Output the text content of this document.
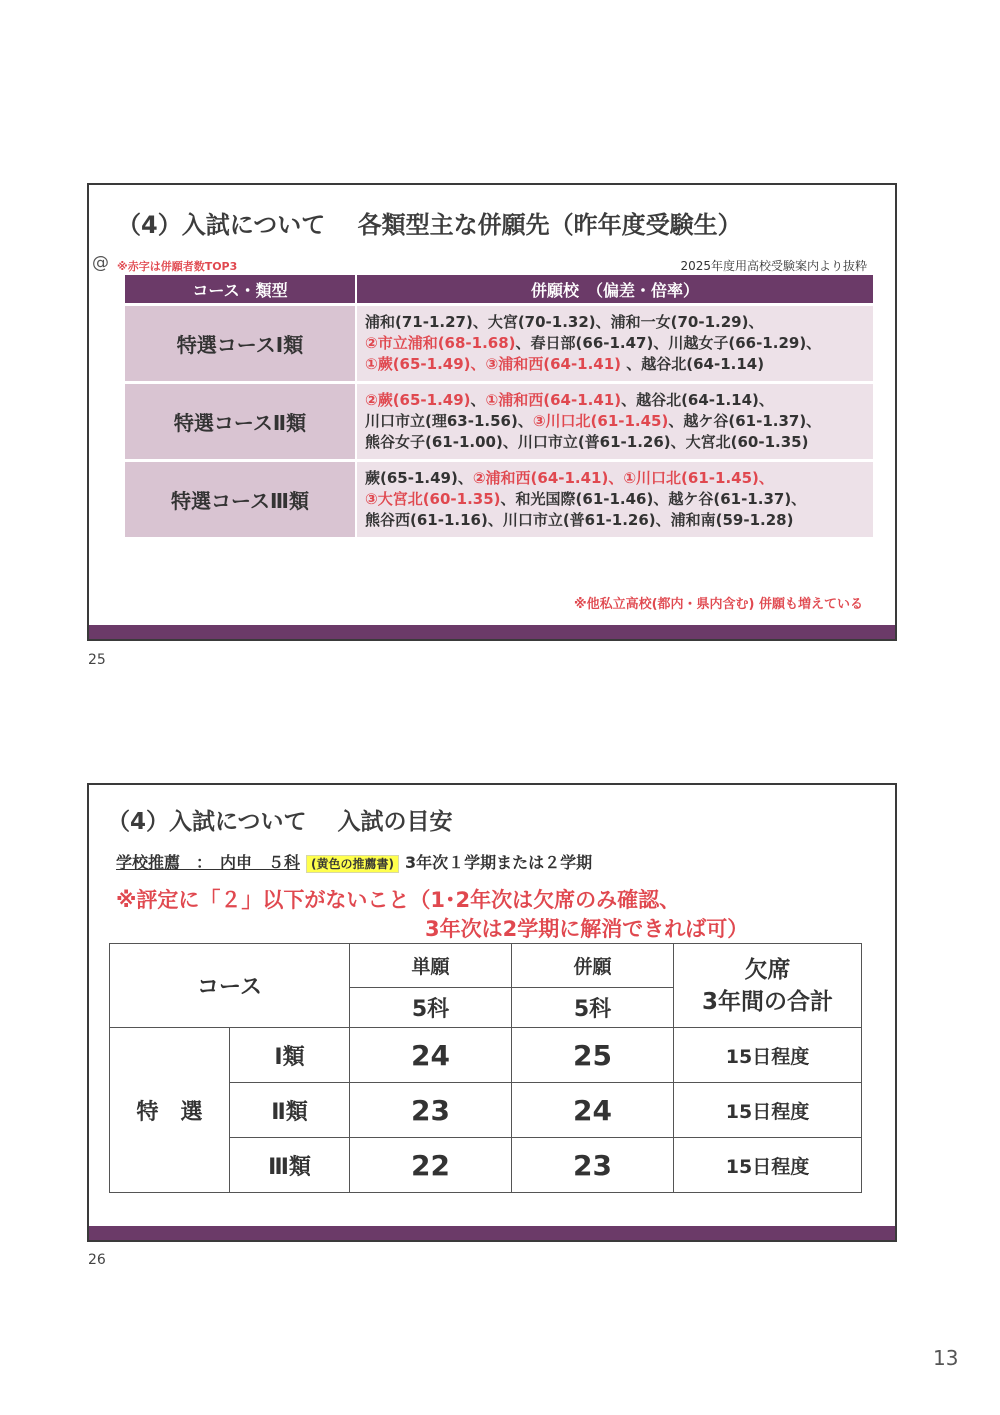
（4）入試について　 各類型主な併願先（昨年度受験生）
@ ※赤字は併願者数TOP3	2025年度用高校受験案内より抜粋
コース・類型	併願校　（偏差・倍率）

特選コースⅠ類	浦和(71-1.27)、大宮(70-1.32)、浦和一女(70-1.29)、
②市立浦和(68-1.68)、春日部(66-1.47)、川越女子(66-1.29)、
①蕨(65-1.49)、③浦和西(64-1.41) 、越谷北(64-1.14)

特選コースⅡ類	②蕨(65-1.49)、①浦和西(64-1.41)、越谷北(64-1.14)、
川口市立(理63-1.56)、③川口北(61-1.45)、越ケ谷(61-1.37)、
熊谷女子(61-1.00)、川口市立(普61-1.26)、大宮北(60-1.35)

特選コースⅢ類	蕨(65-1.49)、②浦和西(64-1.41)、①川口北(61-1.45)、
③大宮北(60-1.35)、和光国際(61-1.46)、越ケ谷(61-1.37)、
熊谷西(61-1.16)、川口市立(普61-1.26)、浦和南(59-1.28)
※他私立高校(都内・県内含む) 併願も増えている
25
（4）入試について　 入試の目安
学校推薦　：　内申　５科 (黄色の推薦書) 3年次１学期または２学期
※評定に「２」以下がないこと（1･2年次は欠席のみ確認、
3年次は2学期に解消できれば可）
コース		単願	併願	欠席
3年間の合計

		5科	5科	
特　選	Ⅰ類	24	25	15日程度
	Ⅱ類	23	24	15日程度
	Ⅲ類	22	23	15日程度
26
13
